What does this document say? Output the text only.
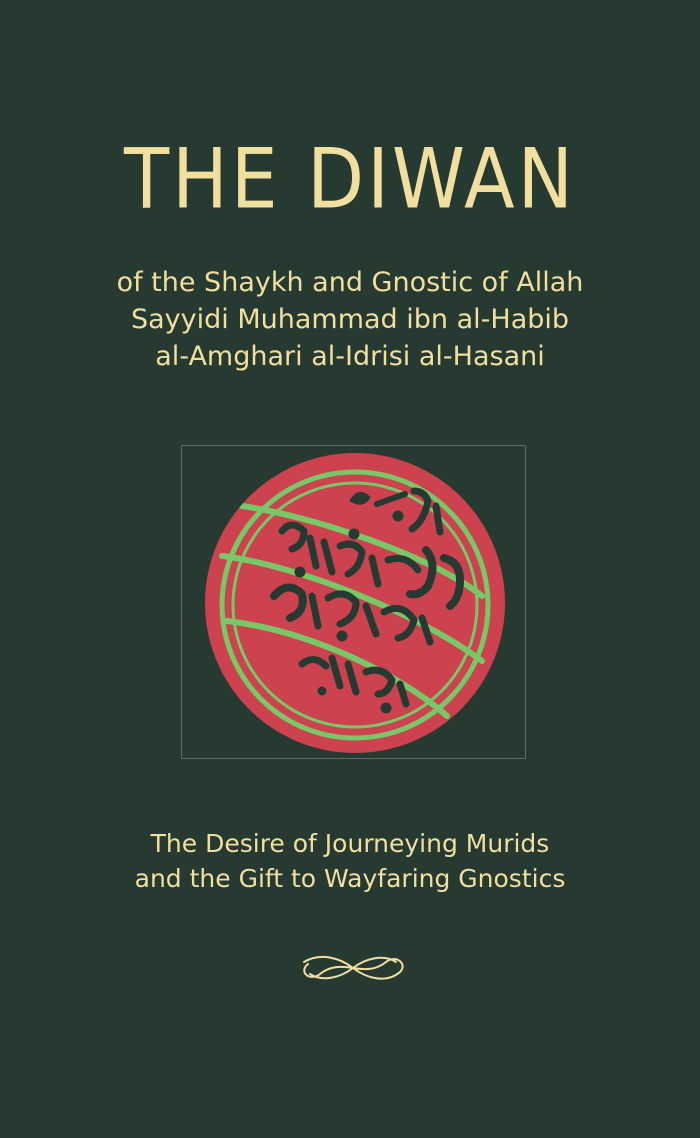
THE DIWAN
of the Shaykh and Gnostic of Allah
Sayyidi Muhammad ibn al-Habib
al-Amghari al-Idrisi al-Hasani
The Desire of Journeying Murids
and the Gift to Wayfaring Gnostics
